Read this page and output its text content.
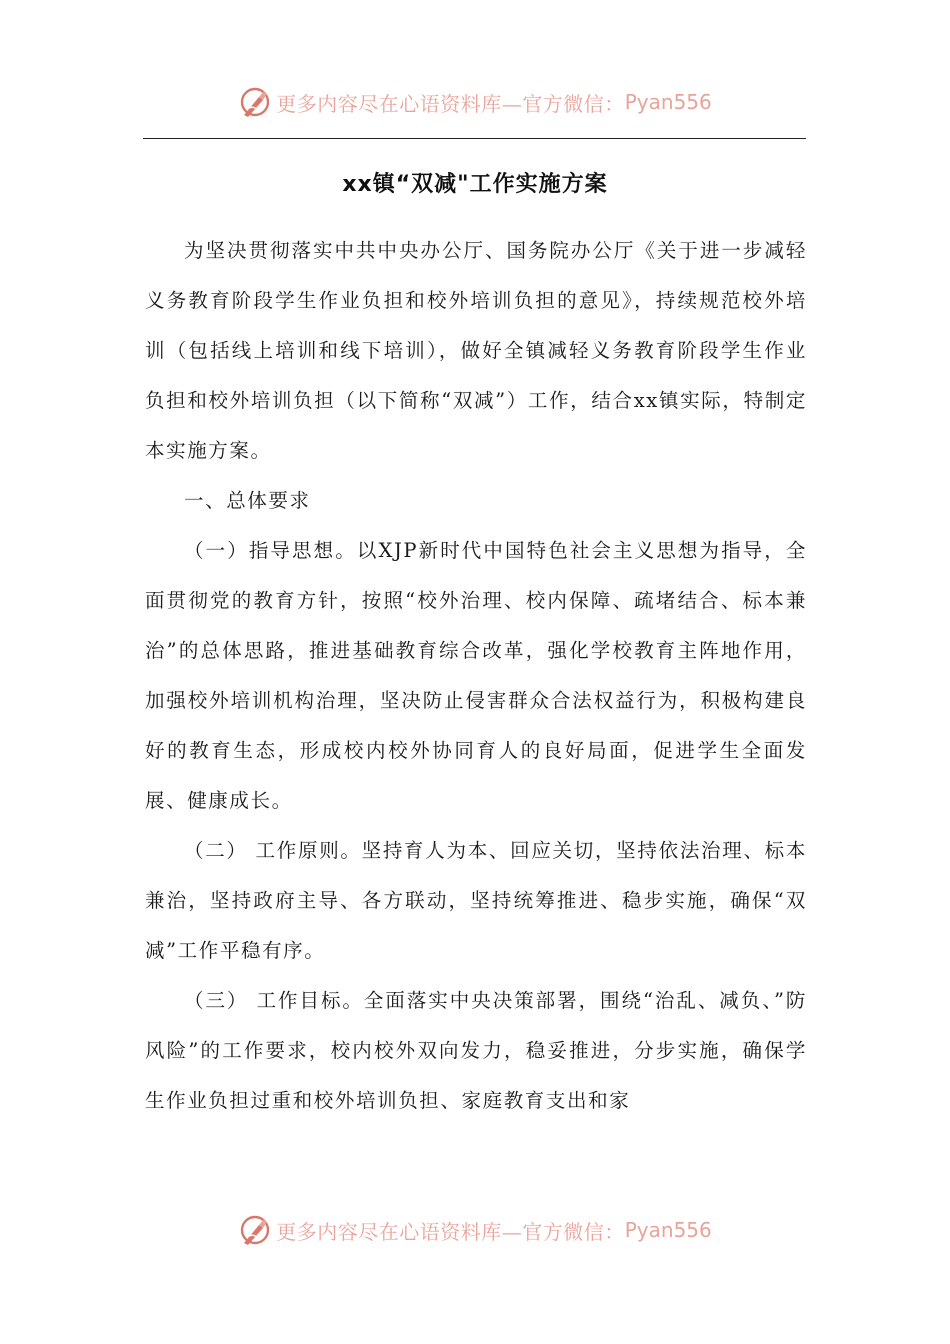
更多内容尽在心语资料库—官方微信： Pyan556
xx镇“双减"工作实施方案

为坚决贯彻落实中共中央办公厅、国务院办公厅《关于进一步减轻义务教育阶段学生作业负担和校外培训负担的意见》，持续规范校外培训（包括线上培训和线下培训），做好全镇减轻义务教育阶段学生作业负担和校外培训负担（以下简称“双减”）工作，结合xx镇实际，特制定本实施方案。

一、总体要求

（一）指导思想。以XJP新时代中国特色社会主义思想为指导，全面贯彻党的教育方针，按照“校外治理、校内保障、疏堵结合、标本兼治”的总体思路，推进基础教育综合改革，强化学校教育主阵地作用，加强校外培训机构治理，坚决防止侵害群众合法权益行为，积极构建良好的教育生态，形成校内校外协同育人的良好局面，促进学生全面发展、健康成长。

（二） 工作原则。坚持育人为本、回应关切，坚持依法治理、标本兼治，坚持政府主导、各方联动，坚持统筹推进、稳步实施，确保“双减”工作平稳有序。

（三） 工作目标。全面落实中央决策部署，围绕“治乱、减负、”防风险”的工作要求，校内校外双向发力，稳妥推进，分步实施，确保学生作业负担过重和校外培训负担、家庭教育支出和家

更多内容尽在心语资料库—官方微信： Pyan556
